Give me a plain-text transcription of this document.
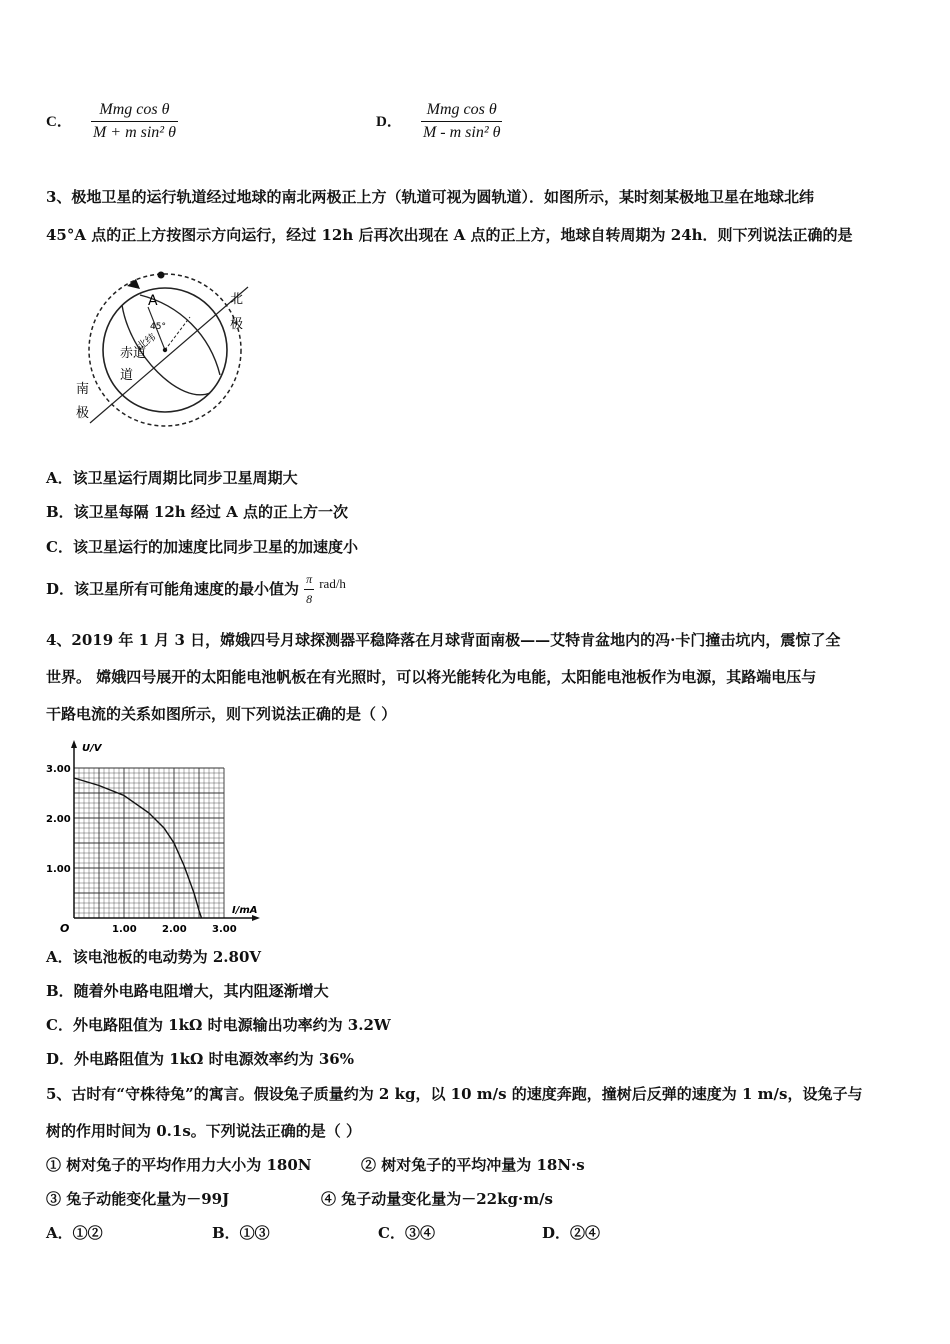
C． $\frac{\text{Mmg cos θ}}{\text{M + m sin² θ}}$	D． $\frac{\text{Mmg cos θ}}{\text{M - m sin² θ}}$
3、极地卫星的运行轨道经过地球的南北两极正上方（轨道可视为圆轨道）．如图所示，某时刻某极地卫星在地球北纬
45°A 点的正上方按图示方向运行，经过 12h 后再次出现在 A 点的正上方，地球自转周期为 24h．则下列说法正确的是
A
45°
北纬
北
极
赤道
道
南
极
A．该卫星运行周期比同步卫星周期大
B．该卫星每隔 12h 经过 A 点的正上方一次
C．该卫星运行的加速度比同步卫星的加速度小
D．该卫星所有可能角速度的最小值为 $\frac{\pi}{8} ^{rad/h}$
4、2019 年 1 月 3 日，嫦娥四号月球探测器平稳降落在月球背面南极——艾特肯盆地内的冯·卡门撞击坑内，震惊了全
世界。 嫦娥四号展开的太阳能电池帆板在有光照时，可以将光能转化为电能，太阳能电池板作为电源，其路端电压与
干路电流的关系如图所示，则下列说法正确的是（ ）
I/mA
U/V
O	1.00	2.00	3.00
1.00
2.00
3.00
A．该电池板的电动势为 2.80V
B．随着外电路电阻增大，其内阻逐渐增大
C．外电路阻值为 1kΩ 时电源输出功率约为 3.2W
D．外电路阻值为 1kΩ 时电源效率约为 36%
5、古时有“守株待兔”的寓言。假设兔子质量约为 2 kg，以 10 m/s 的速度奔跑，撞树后反弹的速度为 1 m/s，设兔子与
树的作用时间为 0.1s。下列说法正确的是（ ）
① 树对兔子的平均作用力大小为 180N	② 树对兔子的平均冲量为 18N·s
③ 兔子动能变化量为－99J	④ 兔子动量变化量为－22kg·m/s
A．①②	B．①③	C．③④	D．②④
